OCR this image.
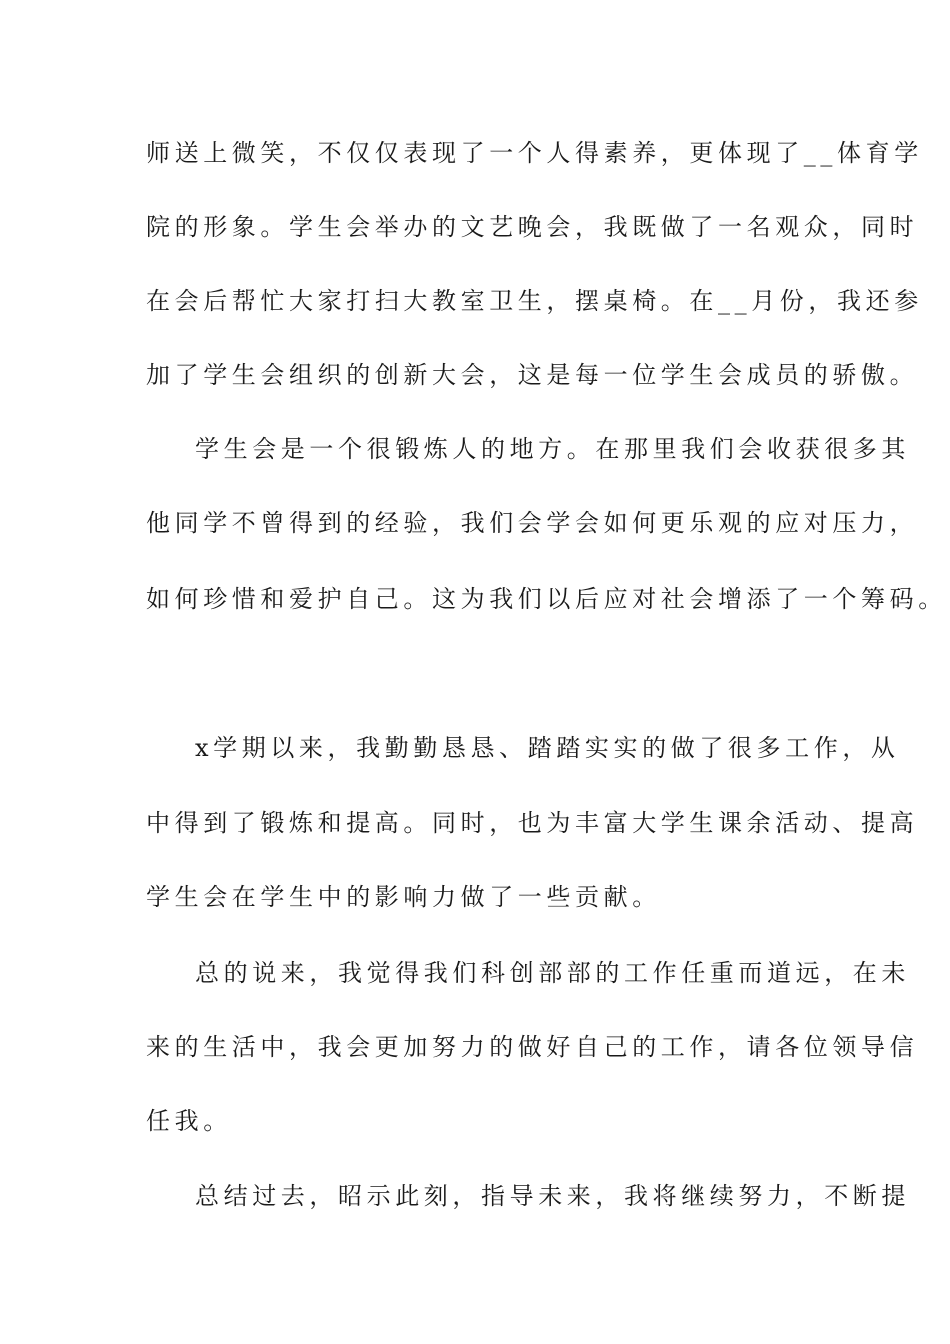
师送上微笑，不仅仅表现了一个人得素养，更体现了__体育学
院的形象。学生会举办的文艺晚会，我既做了一名观众，同时
在会后帮忙大家打扫大教室卫生，摆桌椅。在__月份，我还参
加了学生会组织的创新大会，这是每一位学生会成员的骄傲。
学生会是一个很锻炼人的地方。在那里我们会收获很多其
他同学不曾得到的经验，我们会学会如何更乐观的应对压力，
如何珍惜和爱护自己。这为我们以后应对社会增添了一个筹码。
x学期以来，我勤勤恳恳、踏踏实实的做了很多工作，从
中得到了锻炼和提高。同时，也为丰富大学生课余活动、提高
学生会在学生中的影响力做了一些贡献。
总的说来，我觉得我们科创部部的工作任重而道远，在未
来的生活中，我会更加努力的做好自己的工作，请各位领导信
任我。
总结过去，昭示此刻，指导未来，我将继续努力，不断提
